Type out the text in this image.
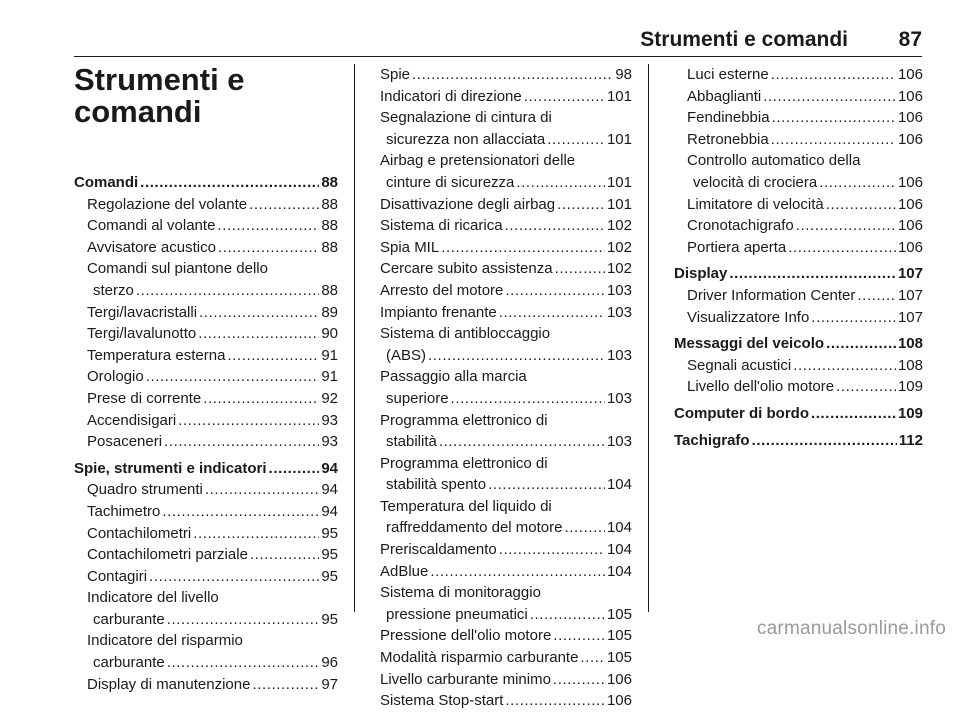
Strumenti e comandi 87
Strumenti e
comandi
Comandi .....	88
Regolazione del volante .....	88
Comandi al volante .....	88
Avvisatore acustico .....	88
Comandi sul piantone dello
sterzo .....	88
Tergi/lavacristalli .....	89
Tergi/lavalunotto .....	90
Temperatura esterna .....	91
Orologio .....	91
Prese di corrente .....	92
Accendisigari .....	93
Posaceneri .....	93
Spie, strumenti e indicatori .....	94
Quadro strumenti .....	94
Tachimetro .....	94
Contachilometri .....	95
Contachilometri parziale .....	95
Contagiri .....	95
Indicatore del livello
carburante .....	95
Indicatore del risparmio
carburante .....	96
Display di manutenzione .....	97
Spie .....	98
Indicatori di direzione .....	101
Segnalazione di cintura di
sicurezza non allacciata .....	101
Airbag e pretensionatori delle
cinture di sicurezza .....	101
Disattivazione degli airbag .....	101
Sistema di ricarica .....	102
Spia MIL .....	102
Cercare subito assistenza .....	102
Arresto del motore .....	103
Impianto frenante .....	103
Sistema di antibloccaggio
(ABS) .....	103
Passaggio alla marcia
superiore .....	103
Programma elettronico di
stabilità .....	103
Programma elettronico di
stabilità spento .....	104
Temperatura del liquido di
raffreddamento del motore .....	104
Preriscaldamento .....	104
AdBlue .....	104
Sistema di monitoraggio
pressione pneumatici .....	105
Pressione dell'olio motore .....	105
Modalità risparmio carburante ..... 105
Livello carburante minimo .....	106
Sistema Stop-start .....	106
Luci esterne .....	106
Abbaglianti .....	106
Fendinebbia .....	106
Retronebbia .....	106
Controllo automatico della
velocità di crociera .....	106
Limitatore di velocità .....	106
Cronotachigrafo .....	106
Portiera aperta .....	106
Display .....	107
Driver Information Center .....	107
Visualizzatore Info .....	107
Messaggi del veicolo .....	108
Segnali acustici .....	108
Livello dell'olio motore .....	109
Computer di bordo .....	109
Tachigrafo .....	112
carmanualsonline.info
